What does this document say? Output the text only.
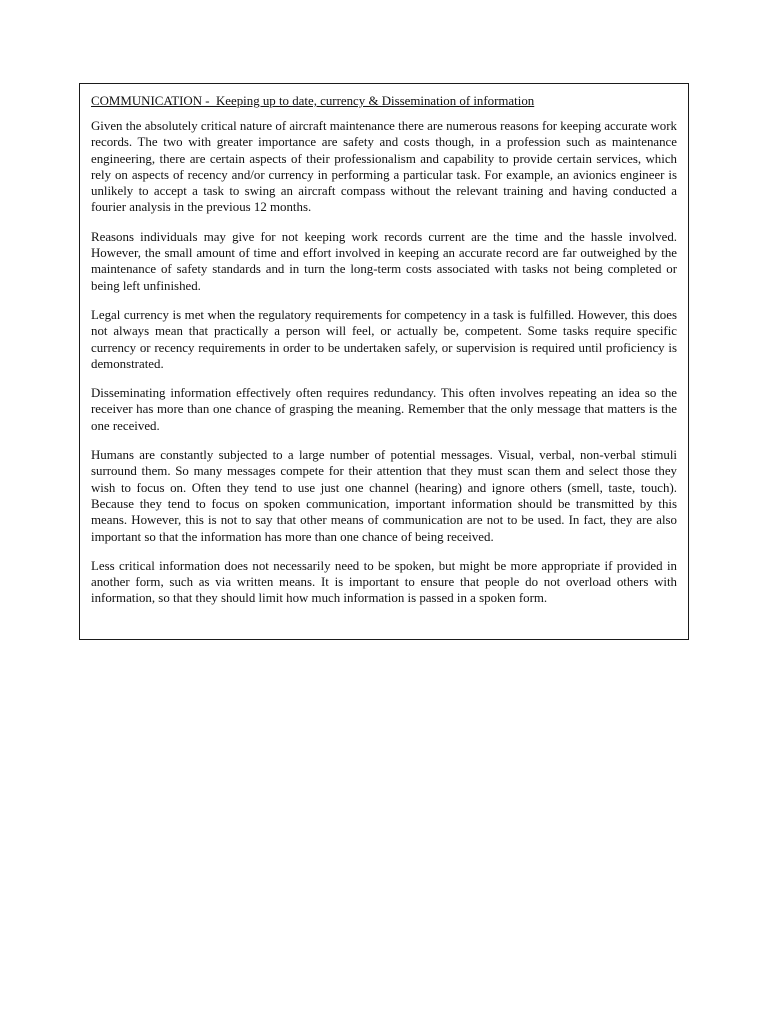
COMMUNICATION -  Keeping up to date, currency & Dissemination of information

Given the absolutely critical nature of aircraft maintenance there are numerous reasons for keeping accurate work records. The two with greater importance are safety and costs though, in a profession such as maintenance engineering, there are certain aspects of their professionalism and capability to provide certain services, which rely on aspects of recency and/or currency in performing a particular task. For example, an avionics engineer is unlikely to accept a task to swing an aircraft compass without the relevant training and having conducted a fourier analysis in the previous 12 months.

Reasons individuals may give for not keeping work records current are the time and the hassle involved. However, the small amount of time and effort involved in keeping an accurate record are far outweighed by the maintenance of safety standards and in turn the long-term costs associated with tasks not being completed or being left unfinished.

Legal currency is met when the regulatory requirements for competency in a task is fulfilled. However, this does not always mean that practically a person will feel, or actually be, competent. Some tasks require specific currency or recency requirements in order to be undertaken safely, or supervision is required until proficiency is demonstrated.

Disseminating information effectively often requires redundancy. This often involves repeating an idea so the receiver has more than one chance of grasping the meaning. Remember that the only message that matters is the one received.

Humans are constantly subjected to a large number of potential messages. Visual, verbal, non-verbal stimuli surround them. So many messages compete for their attention that they must scan them and select those they wish to focus on. Often they tend to use just one channel (hearing) and ignore others (smell, taste, touch). Because they tend to focus on spoken communication, important information should be transmitted by this means. However, this is not to say that other means of communication are not to be used. In fact, they are also important so that the information has more than one chance of being received.

Less critical information does not necessarily need to be spoken, but might be more appropriate if provided in another form, such as via written means. It is important to ensure that people do not overload others with information, so that they should limit how much information is passed in a spoken form.
